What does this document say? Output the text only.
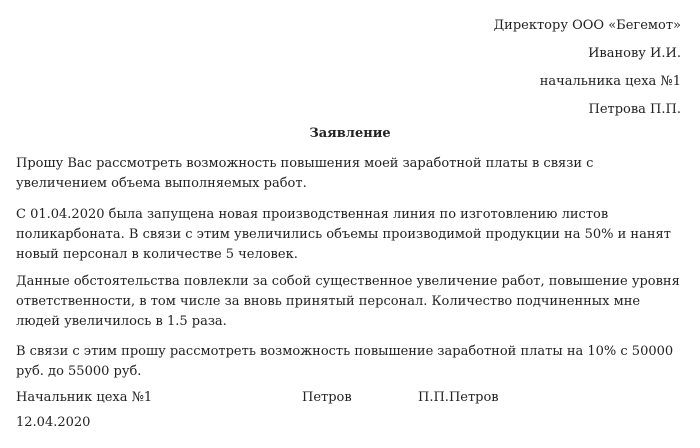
Директору ООО «Бегемот»
Иванову И.И.
начальника цеха №1
Петрова П.П.
Заявление
Прошу Вас рассмотреть возможность повышения моей заработной платы в связи с увеличением объема выполняемых работ.
С 01.04.2020 была запущена новая производственная линия по изготовлению листов поликарбоната. В связи с этим увеличились объемы производимой продукции на 50% и нанят новый персонал в количестве 5 человек.
Данные обстоятельства повлекли за собой существенное увеличение работ, повышение уровня ответственности, в том числе за вновь принятый персонал. Количество подчиненных мне людей увеличилось в 1.5 раза.
В связи с этим прошу рассмотреть возможность повышение заработной платы на 10% с 50000 руб. до 55000 руб.
Начальник цеха №1	Петров	П.П.Петров
12.04.2020
